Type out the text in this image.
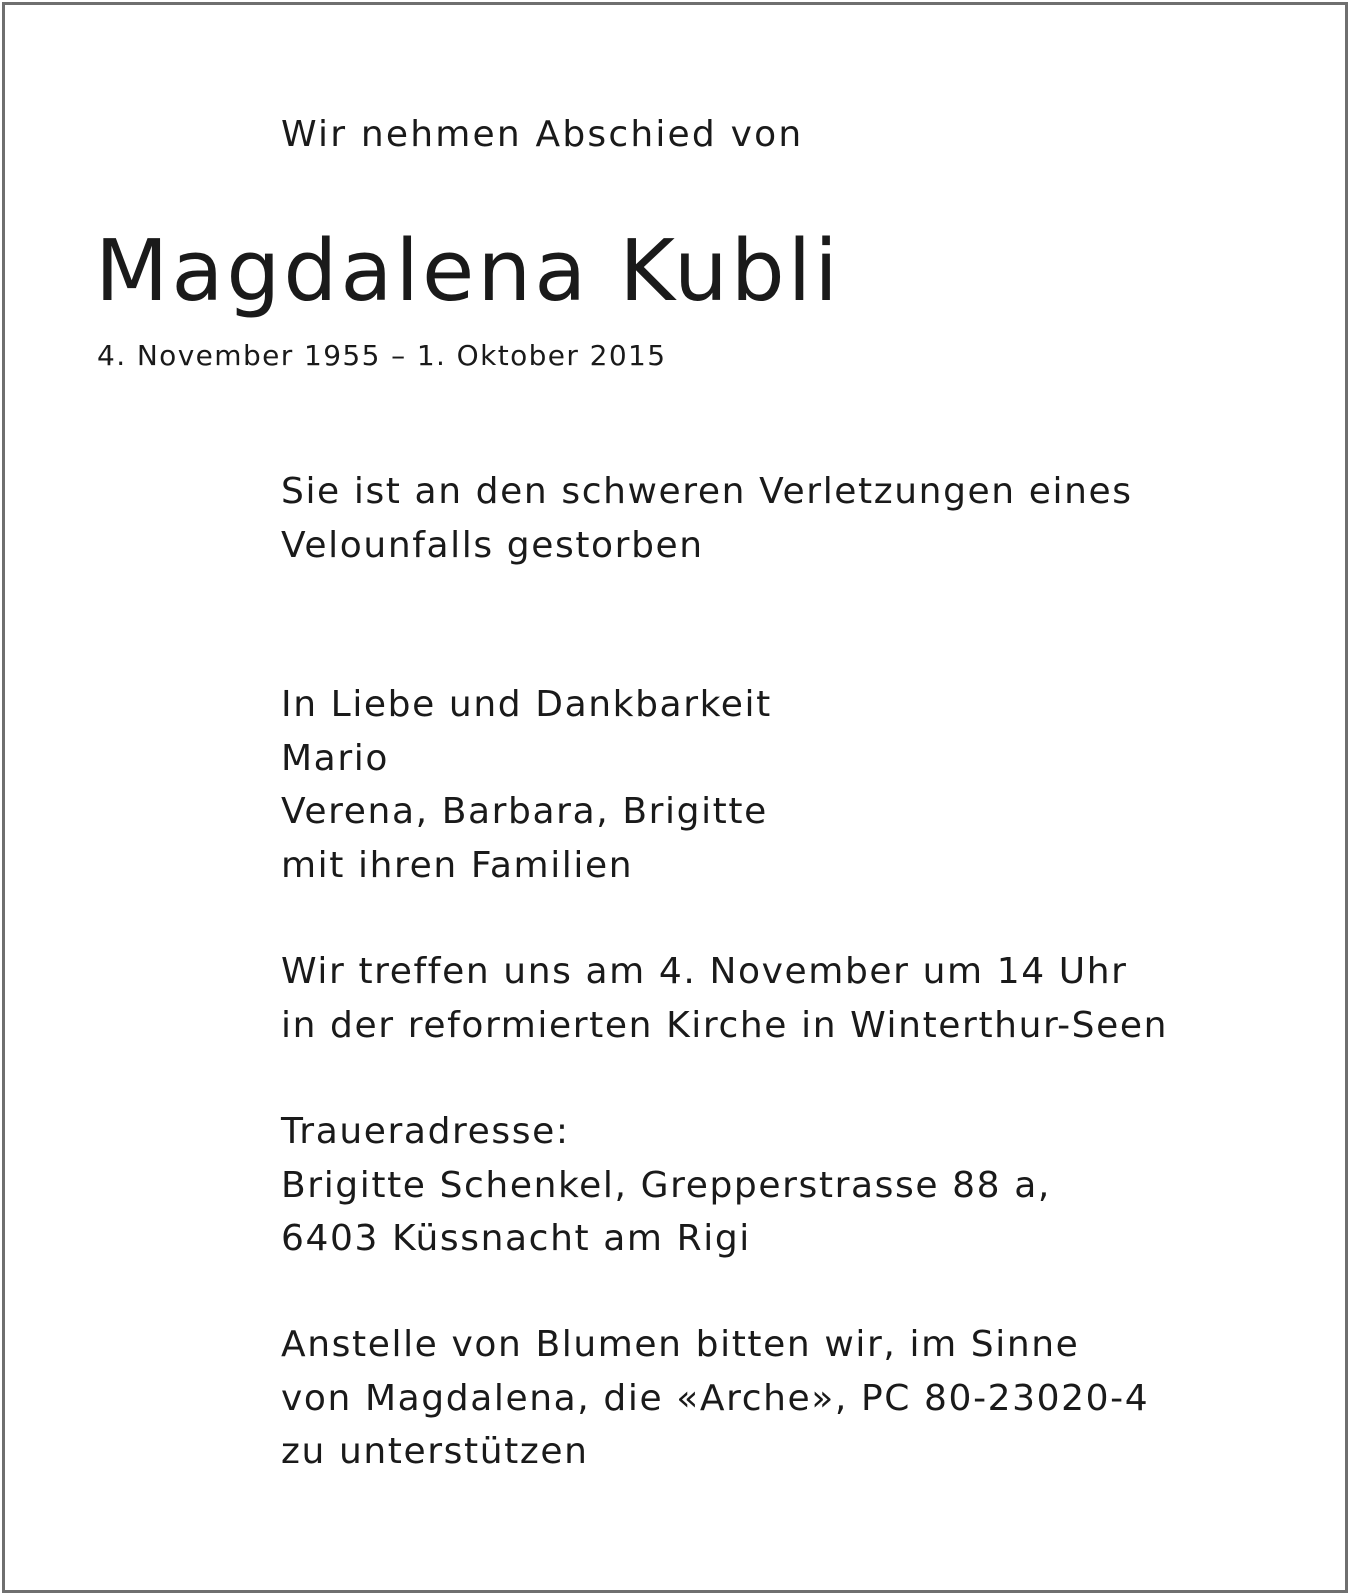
Wir nehmen Abschied von
Magdalena Kubli
4. November 1955 – 1. Oktober 2015
Sie ist an den schweren Verletzungen eines
Velounfalls gestorben
In Liebe und Dankbarkeit
Mario
Verena, Barbara, Brigitte
mit ihren Familien
Wir treffen uns am 4. November um 14 Uhr
in der reformierten Kirche in Winterthur-Seen
Traueradresse:
Brigitte Schenkel, Grepperstrasse 88 a,
6403 Küssnacht am Rigi
Anstelle von Blumen bitten wir, im Sinne
von Magdalena, die «Arche», PC 80-23020-4
zu unterstützen
